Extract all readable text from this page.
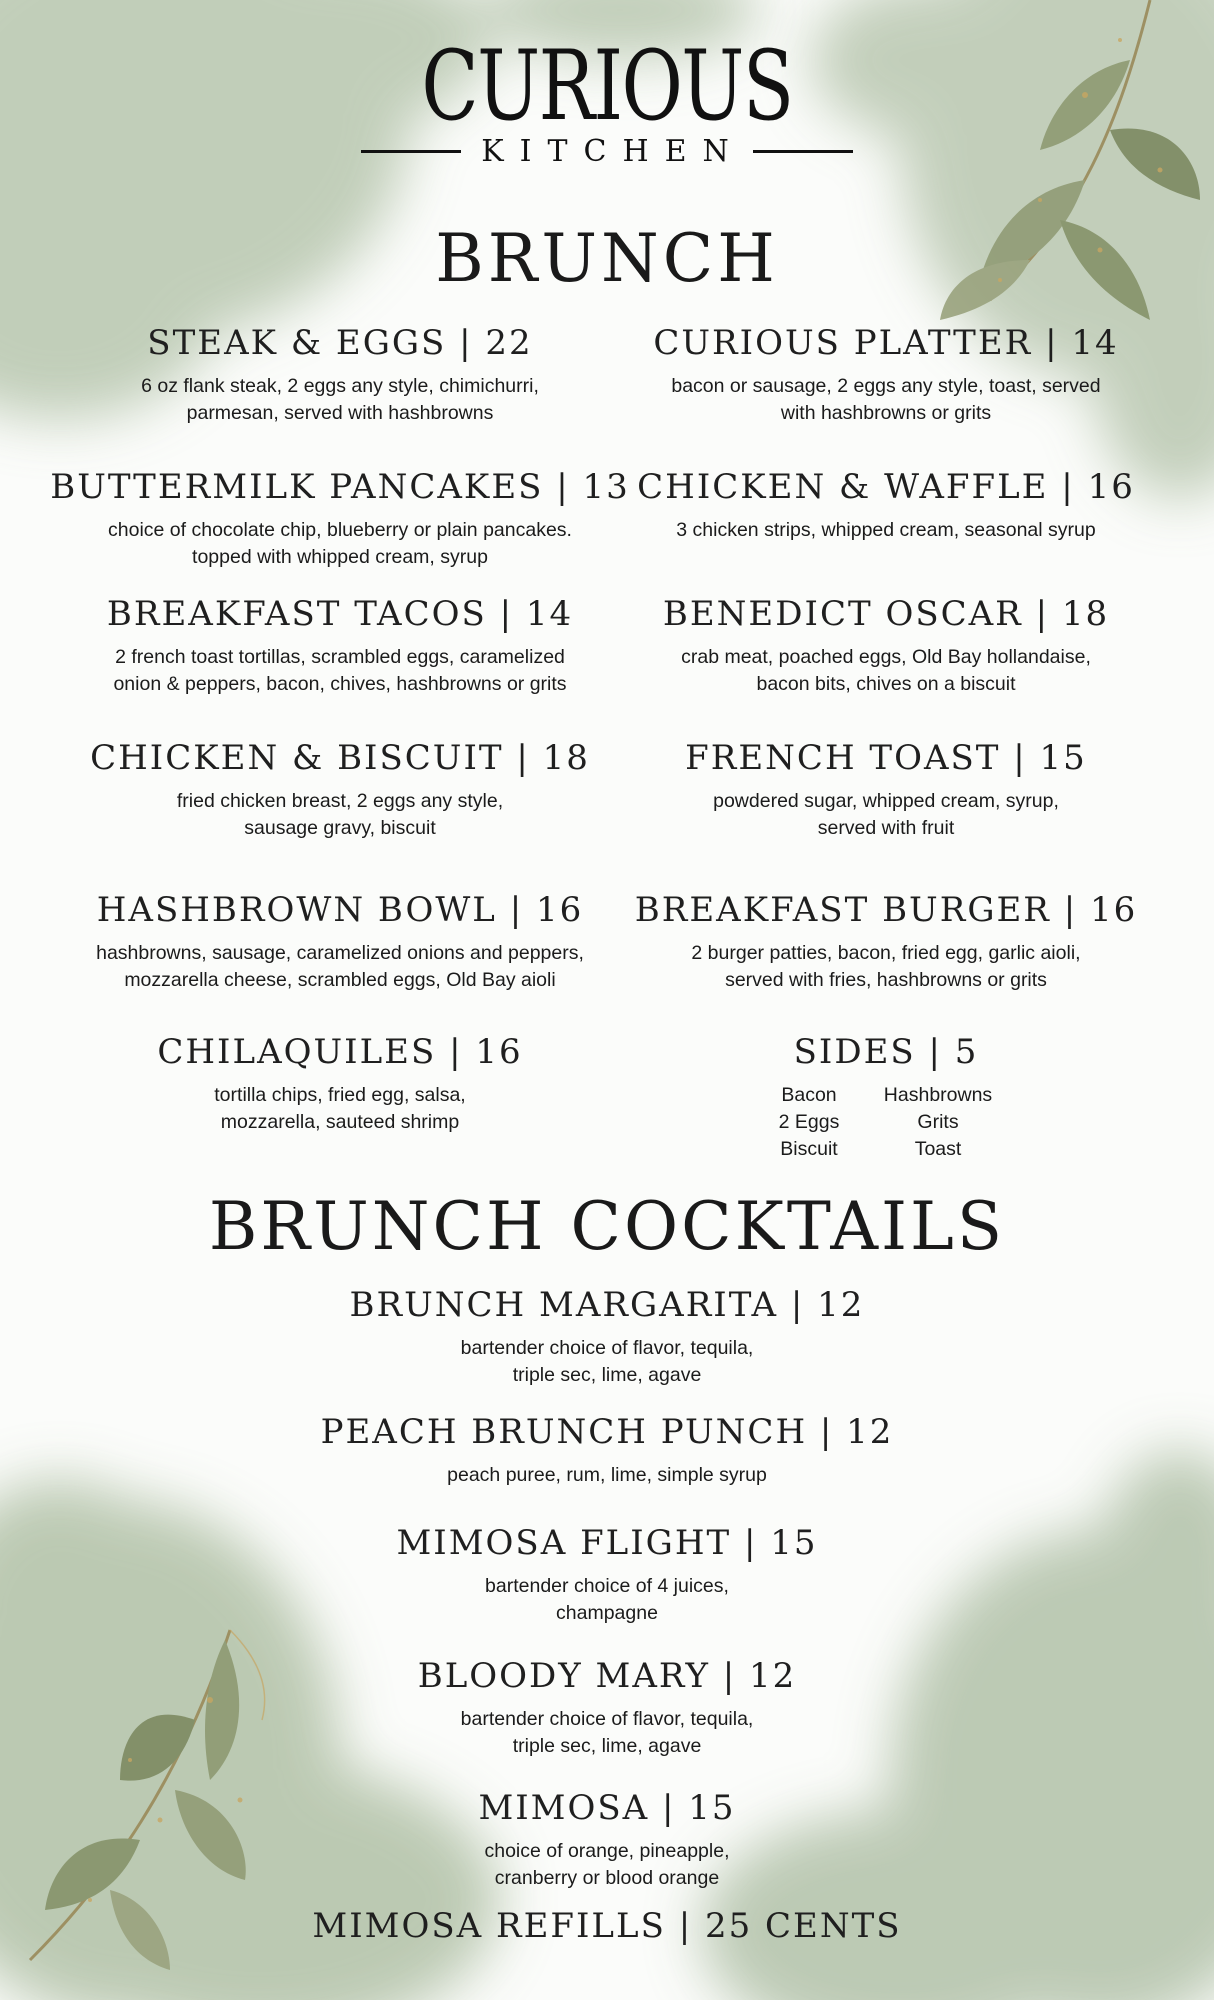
CURIOUS
KITCHEN
BRUNCH
STEAK & EGGS | 22
6 oz flank steak, 2 eggs any style, chimichurri,
parmesan, served with hashbrowns
CURIOUS PLATTER | 14
bacon or sausage, 2 eggs any style, toast, served
with hashbrowns or grits
BUTTERMILK PANCAKES | 13
choice of chocolate chip, blueberry or plain pancakes.
topped with whipped cream, syrup
CHICKEN & WAFFLE | 16
3 chicken strips, whipped cream, seasonal syrup
BREAKFAST TACOS | 14
2 french toast tortillas, scrambled eggs, caramelized
onion & peppers, bacon, chives, hashbrowns or grits
BENEDICT OSCAR | 18
crab meat, poached eggs, Old Bay hollandaise,
bacon bits, chives on a biscuit
CHICKEN & BISCUIT | 18
fried chicken breast, 2 eggs any style,
sausage gravy, biscuit
FRENCH TOAST | 15
powdered sugar, whipped cream, syrup,
served with fruit
HASHBROWN BOWL | 16
hashbrowns, sausage, caramelized onions and peppers,
mozzarella cheese, scrambled eggs, Old Bay aioli
BREAKFAST BURGER | 16
2 burger patties, bacon, fried egg, garlic aioli,
served with fries, hashbrowns or grits
CHILAQUILES | 16
tortilla chips, fried egg, salsa,
mozzarella, sauteed shrimp
SIDES | 5
Bacon	Hashbrowns
2 Eggs	Grits
Biscuit	Toast
BRUNCH COCKTAILS
BRUNCH MARGARITA | 12
bartender choice of flavor, tequila,
triple sec, lime, agave
PEACH BRUNCH PUNCH | 12
peach puree, rum, lime, simple syrup
MIMOSA FLIGHT | 15
bartender choice of 4 juices,
champagne
BLOODY MARY | 12
bartender choice of flavor, tequila,
triple sec, lime, agave
MIMOSA | 15
choice of orange, pineapple,
cranberry or blood orange
MIMOSA REFILLS | 25 CENTS
